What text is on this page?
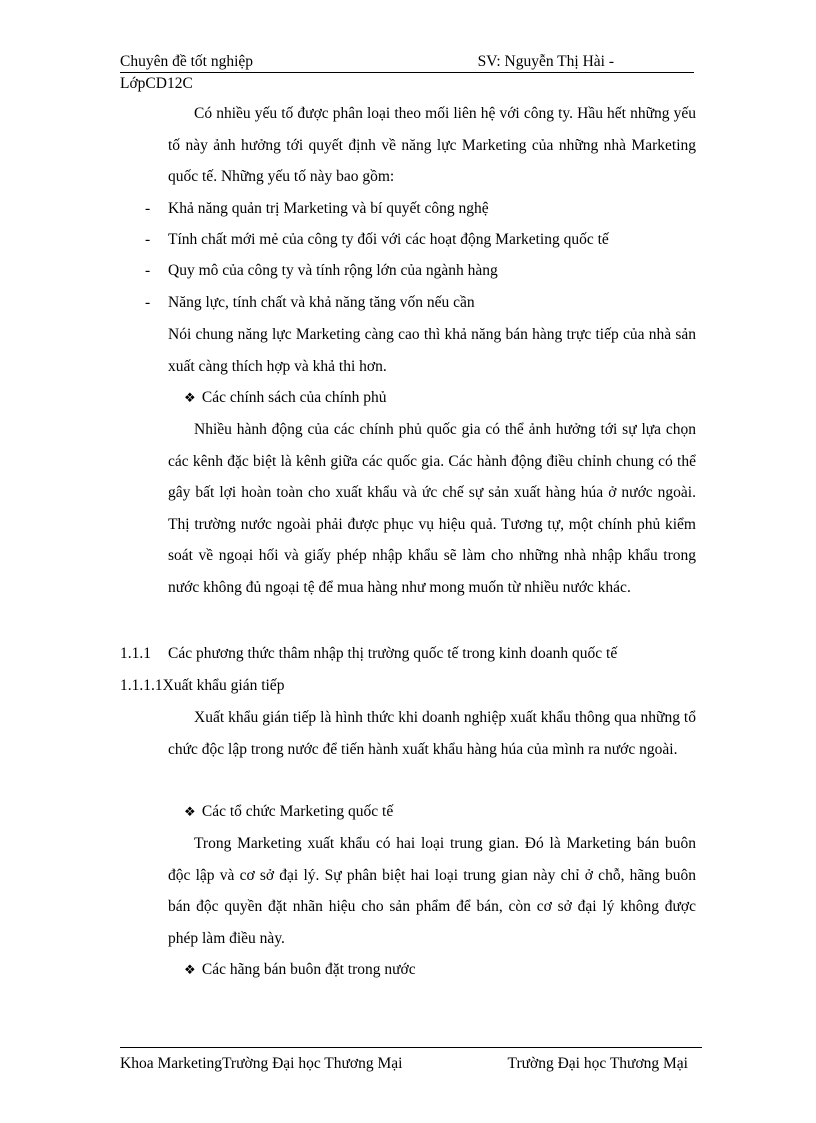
Chuyên đề tốt nghiệp	SV: Nguyễn Thị Hài -
LớpCD12C
Có nhiều yếu tố được phân loại theo mối liên hệ với công ty. Hầu hết những yếu tố này ảnh hưởng tới quyết định về năng lực Marketing của những nhà Marketing quốc tế. Những yếu tố này bao gồm:
- Khả năng quản trị Marketing và bí quyết công nghệ
- Tính chất mới mẻ của công ty đối với các hoạt động Marketing quốc tế
- Quy mô của công ty và tính rộng lớn của ngành hàng
- Năng lực, tính chất và khả năng tăng vốn nếu cần
Nói chung năng lực Marketing càng cao thì khả năng bán hàng trực tiếp của nhà sản xuất càng thích hợp và khả thi hơn.
❖ Các chính sách của chính phủ
Nhiều hành động của các chính phủ quốc gia có thể ảnh hưởng tới sự lựa chọn các kênh đặc biệt là kênh giữa các quốc gia. Các hành động điều chỉnh chung có thể gây bất lợi hoàn toàn cho xuất khẩu và ức chế sự sản xuất hàng húa ở nước ngoài. Thị trường nước ngoài phải được phục vụ hiệu quả. Tương tự, một chính phủ kiểm soát về ngoại hối và giấy phép nhập khẩu sẽ làm cho những nhà nhập khẩu trong nước không đủ ngoại tệ để mua hàng như mong muốn từ nhiều nước khác.
1.1.1 Các phương thức thâm nhập thị trường quốc tế trong kinh doanh quốc tế
1.1.1.1Xuất khẩu gián tiếp
Xuất khẩu gián tiếp là hình thức khi doanh nghiệp xuất khẩu thông qua những tổ chức độc lập trong nước để tiến hành xuất khẩu hàng húa của mình ra nước ngoài.
❖ Các tổ chức Marketing quốc tế
Trong Marketing xuất khẩu có hai loại trung gian. Đó là Marketing bán buôn độc lập và cơ sở đại lý. Sự phân biệt hai loại trung gian này chỉ ở chỗ, hãng buôn bán độc quyền đặt nhãn hiệu cho sản phẩm để bán, còn cơ sở đại lý không được phép làm điều này.
❖ Các hãng bán buôn đặt trong nước
Khoa MarketingTrường Đại học Thương Mại	Trường Đại học Thương Mại
